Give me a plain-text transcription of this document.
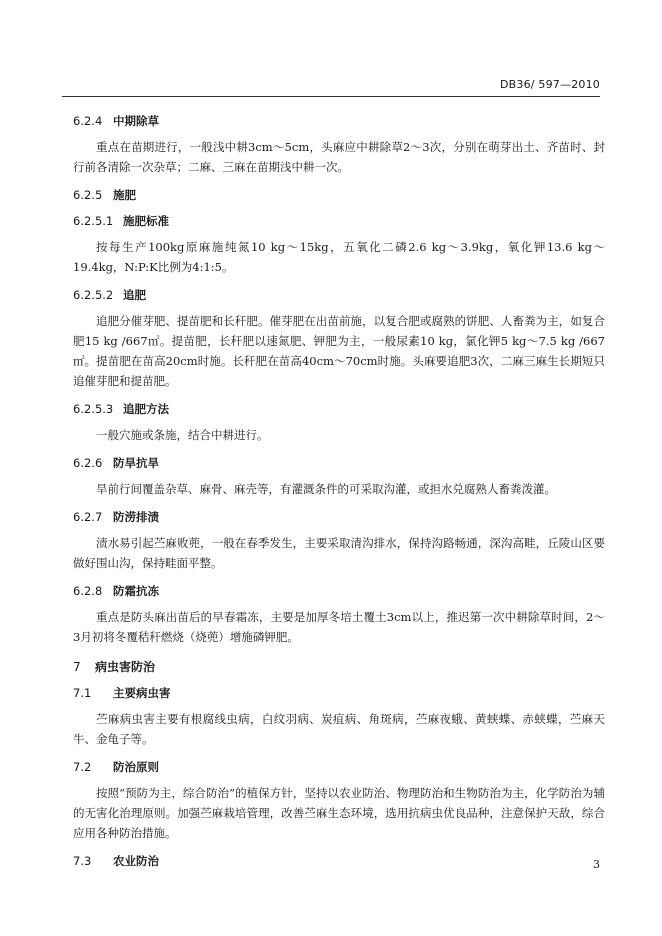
DB36/ 597—2010
6.2.4 中期除草

重点在苗期进行，一般浅中耕3cm～5cm，头麻应中耕除草2～3次，分别在萌芽出土、齐苗时、封行前各清除一次杂草；二麻、三麻在苗期浅中耕一次。

6.2.5 施肥
6.2.5.1 施肥标准

按每生产100kg原麻施纯氮10 kg～15kg，五氧化二磷2.6 kg～3.9kg，氧化钾13.6 kg～19.4kg，N:P:K比例为4:1:5。

6.2.5.2 追肥

追肥分催芽肥、提苗肥和长秆肥。催芽肥在出苗前施，以复合肥或腐熟的饼肥、人畜粪为主，如复合肥15 kg /667㎡。提苗肥，长秆肥以速氮肥、钾肥为主，一般尿素10 kg，氯化钾5 kg～7.5 kg /667㎡。提苗肥在苗高20cm时施。长秆肥在苗高40cm～70cm时施。头麻要追肥3次，二麻三麻生长期短只追催芽肥和提苗肥。

6.2.5.3 追肥方法

一般穴施或条施，结合中耕进行。

6.2.6 防旱抗旱

旱前行间覆盖杂草、麻骨、麻壳等，有灌溉条件的可采取沟灌，或担水兑腐熟人畜粪泼灌。

6.2.7 防涝排渍

渍水易引起苎麻败蔸，一般在春季发生，主要采取清沟排水，保持沟路畅通，深沟高畦，丘陵山区要做好围山沟，保持畦面平整。

6.2.8 防霜抗冻

重点是防头麻出苗后的早春霜冻，主要是加厚冬培土覆土3cm以上，推迟第一次中耕除草时间，2～3月初将冬覆秸秆燃烧（烧蔸）增施磷钾肥。

7 病虫害防治
7.1 主要病虫害

苎麻病虫害主要有根腐线虫病，白纹羽病、炭疽病、角斑病，苎麻夜蛾、黄蛱蝶、赤蛱蝶，苎麻天牛、金龟子等。

7.2 防治原则

按照“预防为主，综合防治”的植保方针，坚持以农业防治、物理防治和生物防治为主，化学防治为辅的无害化治理原则。加强苎麻栽培管理，改善苎麻生态环境，选用抗病虫优良品种，注意保护天敌，综合应用各种防治措施。

7.3 农业防治	3
